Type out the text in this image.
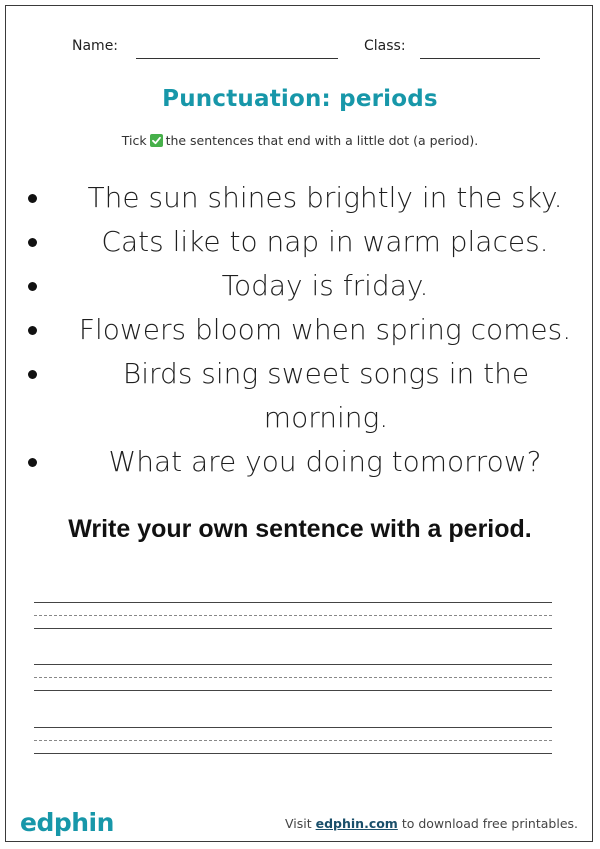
Name:	Class:
Punctuation: periods
Tick the sentences that end with a little dot (a period).
The sun shines brightly in the sky.
Cats like to nap in warm places.
Today is friday.
Flowers bloom when spring comes.
Birds sing sweet songs in the morning.
What are you doing tomorrow?
Write your own sentence with a period.
edphin	Visit edphin.com to download free printables.
